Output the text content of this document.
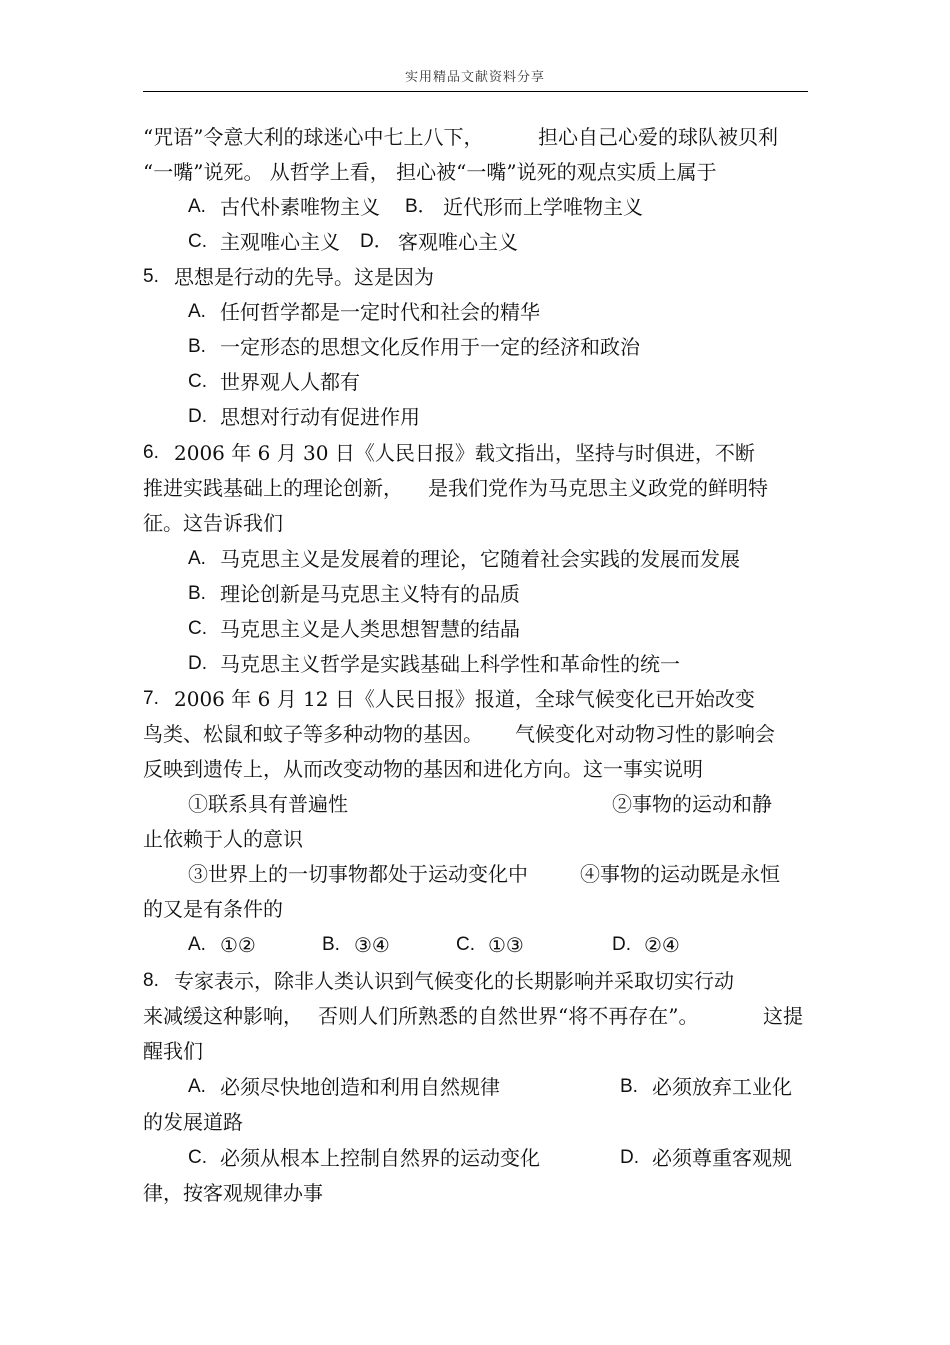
实用精品文献资料分享
“咒语”令意大利的球迷心中七上八下，	担心自己心爱的球队被贝利
“一嘴”说死。 从哲学上看， 担心被“一嘴”说死的观点实质上属于
A. 古代朴素唯物主义 B． 近代形而上学唯物主义
C. 主观唯心主义 D． 客观唯心主义
5. 思想是行动的先导。这是因为
A. 任何哲学都是一定时代和社会的精华
B. 一定形态的思想文化反作用于一定的经济和政治
C. 世界观人人都有
D. 思想对行动有促进作用
6. 2006 年 6 月 30 日《人民日报》载文指出，坚持与时俱进，不断
推进实践基础上的理论创新， 是我们党作为马克思主义政党的鲜明特
征。这告诉我们
A. 马克思主义是发展着的理论，它随着社会实践的发展而发展
B. 理论创新是马克思主义特有的品质
C. 马克思主义是人类思想智慧的结晶
D. 马克思主义哲学是实践基础上科学性和革命性的统一
7. 2006 年 6 月 12 日《人民日报》报道，全球气候变化已开始改变
鸟类、松鼠和蚊子等多种动物的基因。 气候变化对动物习性的影响会
反映到遗传上，从而改变动物的基因和进化方向。这一事实说明
①联系具有普遍性	②事物的运动和静
止依赖于人的意识
③世界上的一切事物都处于运动变化中	④事物的运动既是永恒
的又是有条件的
A. ①②	B. ③④	C. ①③	D. ②④
8. 专家表示，除非人类认识到气候变化的长期影响并采取切实行动
来减缓这种影响， 否则人们所熟悉的自然世界“将不再存在”。	这提
醒我们
A. 必须尽快地创造和利用自然规律	B. 必须放弃工业化
的发展道路
C. 必须从根本上控制自然界的运动变化	D. 必须尊重客观规
律，按客观规律办事
